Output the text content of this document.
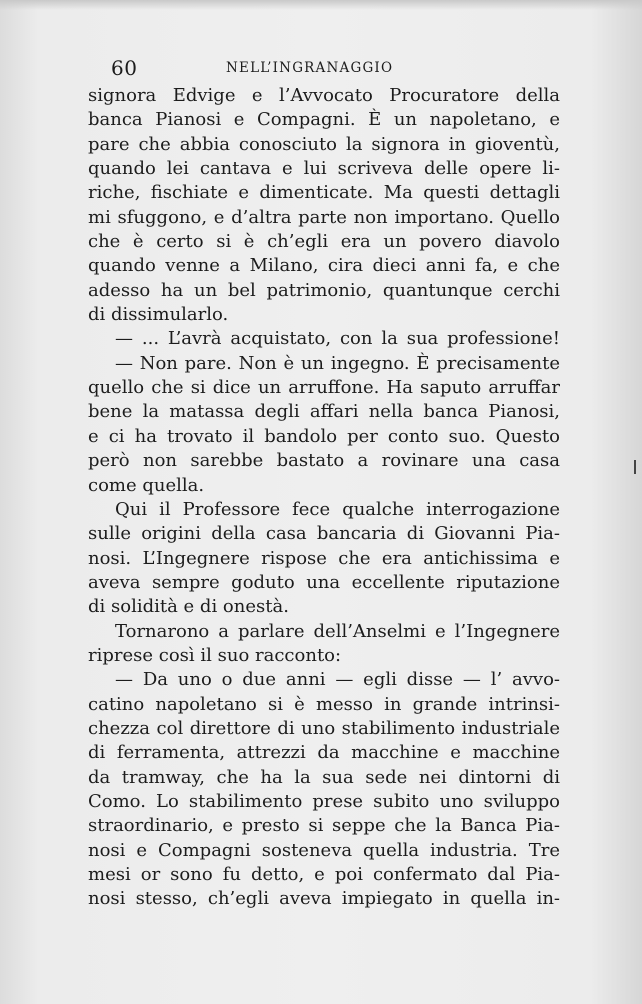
60	NELL’INGRANAGGIO
signora Edvige e l’Avvocato Procuratore della
banca Pianosi e Compagni. È un napoletano, e
pare che abbia conosciuto la signora in gioventù,
quando lei cantava e lui scriveva delle opere li-
riche, fischiate e dimenticate. Ma questi dettagli
mi sfuggono, e d’altra parte non importano. Quello
che è certo si è ch’egli era un povero diavolo
quando venne a Milano, cira dieci anni fa, e che
adesso ha un bel patrimonio, quantunque cerchi
di dissimularlo.
— ... L’avrà acquistato, con la sua professione!
— Non pare. Non è un ingegno. È precisamente
quello che si dice un arruffone. Ha saputo arruffar
bene la matassa degli affari nella banca Pianosi,
e ci ha trovato il bandolo per conto suo. Questo
però non sarebbe bastato a rovinare una casa
come quella.
Qui il Professore fece qualche interrogazione
sulle origini della casa bancaria di Giovanni Pia-
nosi. L’Ingegnere rispose che era antichissima e
aveva sempre goduto una eccellente riputazione
di solidità e di onestà.
Tornarono a parlare dell’Anselmi e l’Ingegnere
riprese così il suo racconto:
— Da uno o due anni — egli disse — l’ avvo-
catino napoletano si è messo in grande intrinsi-
chezza col direttore di uno stabilimento industriale
di ferramenta, attrezzi da macchine e macchine
da tramway, che ha la sua sede nei dintorni di
Como. Lo stabilimento prese subito uno sviluppo
straordinario, e presto si seppe che la Banca Pia-
nosi e Compagni sosteneva quella industria. Tre
mesi or sono fu detto, e poi confermato dal Pia-
nosi stesso, ch’egli aveva impiegato in quella in-
